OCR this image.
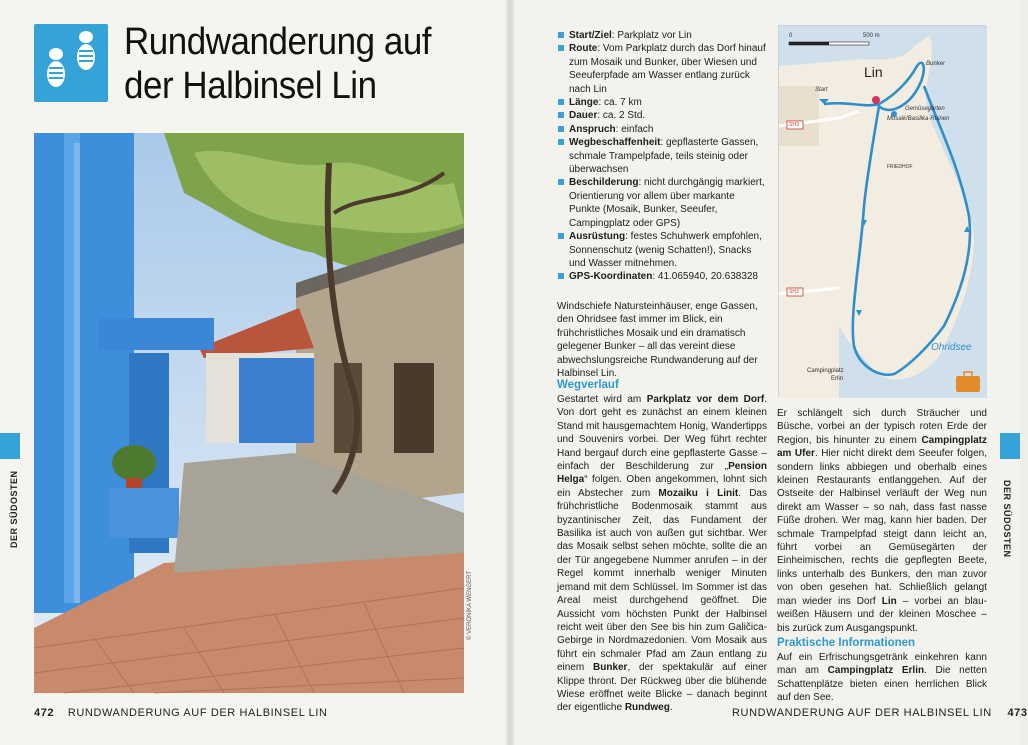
Rundwanderung auf
der Halbinsel Lin
© VERONIKA WENGERT
DER SÜDOSTEN
472 RUNDWANDERUNG AUF DER HALBINSEL LIN
Start/Ziel: Parkplatz vor Lin
Route: Vom Parkplatz durch das Dorf hinauf zum Mosaik und Bunker, über Wiesen und Seeuferpfade am Wasser entlang zurück nach Lin
Länge: ca. 7 km
Dauer: ca. 2 Std.
Anspruch: einfach
Wegbeschaffenheit: gepflasterte Gassen, schmale Trampelpfade, teils steinig oder überwachsen
Beschilderung: nicht durchgängig markiert, Orientierung vor allem über markante Punkte (Mosaik, Bunker, Seeufer, Campingplatz oder GPS)
Ausrüstung: festes Schuhwerk empfohlen, Sonnenschutz (wenig Schatten!), Snacks und Wasser mitnehmen.
GPS-Koordinaten: 41.065940, 20.638328

Windschiefe Natursteinhäuser, enge Gassen, den Ohridsee fast immer im Blick, ein frühchristliches Mosaik und ein dramatisch gelegener Bunker – all das vereint diese abwechslungsreiche Rundwanderung auf der Halbinsel Lin.

Wegverlauf
Gestartet wird am Parkplatz vor dem Dorf. Von dort geht es zunächst an einem kleinen Stand mit hausgemachtem Honig, Wandertipps und Souvenirs vorbei. Der Weg führt rechter Hand bergauf durch eine gepflasterte Gasse – einfach der Beschilderung zur „Pension Helga“ folgen. Oben angekommen, lohnt sich ein Abstecher zum Mozaiku i Linit. Das frühchristliche Bodenmosaik stammt aus byzantinischer Zeit, das Fundament der Basilika ist auch von außen gut sichtbar. Wer das Mosaik selbst sehen möchte, sollte die an der Tür angegebene Nummer anrufen – in der Regel kommt innerhalb weniger Minuten jemand mit dem Schlüssel. Im Sommer ist das Areal meist durchgehend geöffnet. Die Aussicht vom höchsten Punkt der Halbinsel reicht weit über den See bis hin zum Galičica-Gebirge in Nordmazedonien. Vom Mosaik aus führt ein schmaler Pfad am Zaun entlang zu einem Bunker, der spektakulär auf einer Klippe thront. Der Rückweg über die blühende Wiese eröffnet weite Blicke – danach beginnt der eigentliche Rundweg.
Er schlängelt sich durch Sträucher und Büsche, vorbei an der typisch roten Erde der Region, bis hinunter zu einem Campingplatz am Ufer. Hier nicht direkt dem Seeufer folgen, sondern links abbiegen und oberhalb eines kleinen Restaurants entlanggehen. Auf der Ostseite der Halbinsel verläuft der Weg nun direkt am Wasser – so nah, dass fast nasse Füße drohen. Wer mag, kann hier baden. Der schmale Trampelpfad steigt dann leicht an, führt vorbei an Gemüsegärten der Einheimischen, rechts die gepflegten Beete, links unterhalb des Bunkers, den man zuvor von oben gesehen hat. Schließlich gelangt man wieder ins Dorf Lin – vorbei an blau-weißen Häusern und der kleinen Moschee – bis zurück zum Ausgangspunkt.
Praktische Informationen
Auf ein Erfrischungsgetränk einkehren kann man am Campingplatz Erlin. Die netten Schattenplätze bieten einen herrlichen Blick auf den See.
0	500 m
Lin
Start
Bunker
Gemüsegärten
Mosaik/Basilika-Ruinen
FRIEDHOF
Ohridsee
Campingplatz
Erlin
SH3
SH3
DER SÜDOSTEN
RUNDWANDERUNG AUF DER HALBINSEL LIN 473
